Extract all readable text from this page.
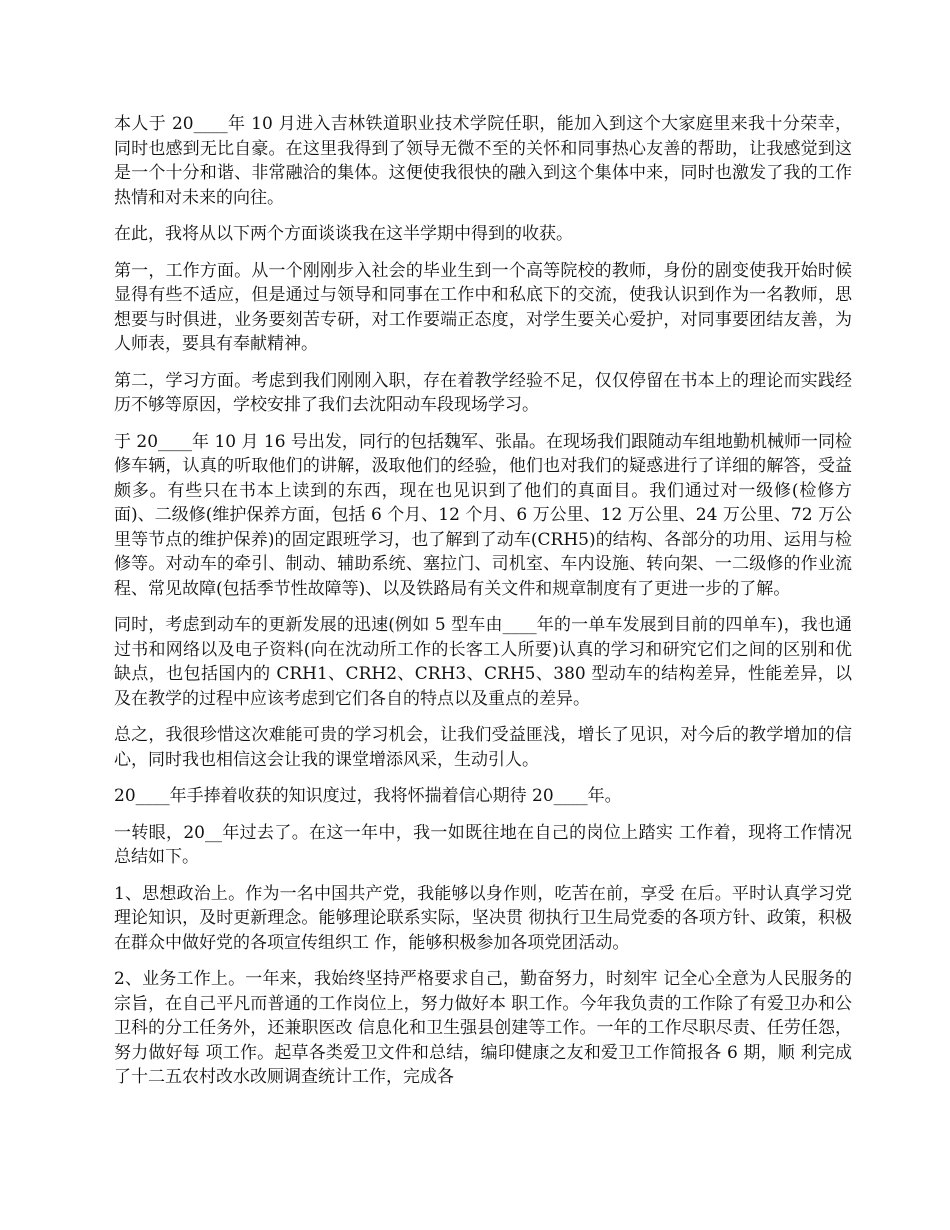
本人于 20____年 10 月进入吉林铁道职业技术学院任职，能加入到这个大家庭里来我十分荣幸，同时也感到无比自豪。在这里我得到了领导无微不至的关怀和同事热心友善的帮助，让我感觉到这是一个十分和谐、非常融洽的集体。这便使我很快的融入到这个集体中来，同时也激发了我的工作热情和对未来的向往。

在此，我将从以下两个方面谈谈我在这半学期中得到的收获。

第一，工作方面。从一个刚刚步入社会的毕业生到一个高等院校的教师，身份的剧变使我开始时候显得有些不适应，但是通过与领导和同事在工作中和私底下的交流，使我认识到作为一名教师，思想要与时俱进，业务要刻苦专研，对工作要端正态度，对学生要关心爱护，对同事要团结友善，为人师表，要具有奉献精神。

第二，学习方面。考虑到我们刚刚入职，存在着教学经验不足，仅仅停留在书本上的理论而实践经历不够等原因，学校安排了我们去沈阳动车段现场学习。

于 20____年 10 月 16 号出发，同行的包括魏军、张晶。在现场我们跟随动车组地勤机械师一同检修车辆，认真的听取他们的讲解，汲取他们的经验，他们也对我们的疑惑进行了详细的解答，受益颇多。有些只在书本上读到的东西，现在也见识到了他们的真面目。我们通过对一级修(检修方面)、二级修(维护保养方面，包括 6 个月、12 个月、6 万公里、12 万公里、24 万公里、72 万公里等节点的维护保养)的固定跟班学习，也了解到了动车(CRH5)的结构、各部分的功用、运用与检修等。对动车的牵引、制动、辅助系统、塞拉门、司机室、车内设施、转向架、一二级修的作业流程、常见故障(包括季节性故障等)、以及铁路局有关文件和规章制度有了更进一步的了解。

同时，考虑到动车的更新发展的迅速(例如 5 型车由____年的一单车发展到目前的四单车)，我也通过书和网络以及电子资料(向在沈动所工作的长客工人所要)认真的学习和研究它们之间的区别和优缺点，也包括国内的 CRH1、CRH2、CRH3、CRH5、380 型动车的结构差异，性能差异，以及在教学的过程中应该考虑到它们各自的特点以及重点的差异。

总之，我很珍惜这次难能可贵的学习机会，让我们受益匪浅，增长了见识，对今后的教学增加的信心，同时我也相信这会让我的课堂增添风采，生动引人。

20____年手捧着收获的知识度过，我将怀揣着信心期待 20____年。

一转眼，20__年过去了。在这一年中，我一如既往地在自己的岗位上踏实 工作着，现将工作情况总结如下。

1、思想政治上。作为一名中国共产党，我能够以身作则，吃苦在前，享受 在后。平时认真学习党理论知识，及时更新理念。能够理论联系实际，坚决贯 彻执行卫生局党委的各项方针、政策，积极在群众中做好党的各项宣传组织工 作，能够积极参加各项党团活动。

2、业务工作上。一年来，我始终坚持严格要求自己，勤奋努力，时刻牢 记全心全意为人民服务的宗旨，在自己平凡而普通的工作岗位上，努力做好本 职工作。今年我负责的工作除了有爱卫办和公卫科的分工任务外，还兼职医改 信息化和卫生强县创建等工作。一年的工作尽职尽责、任劳任怨，努力做好每 项工作。起草各类爱卫文件和总结，编印健康之友和爱卫工作简报各 6 期，顺 利完成了十二五农村改水改厕调查统计工作，完成各
